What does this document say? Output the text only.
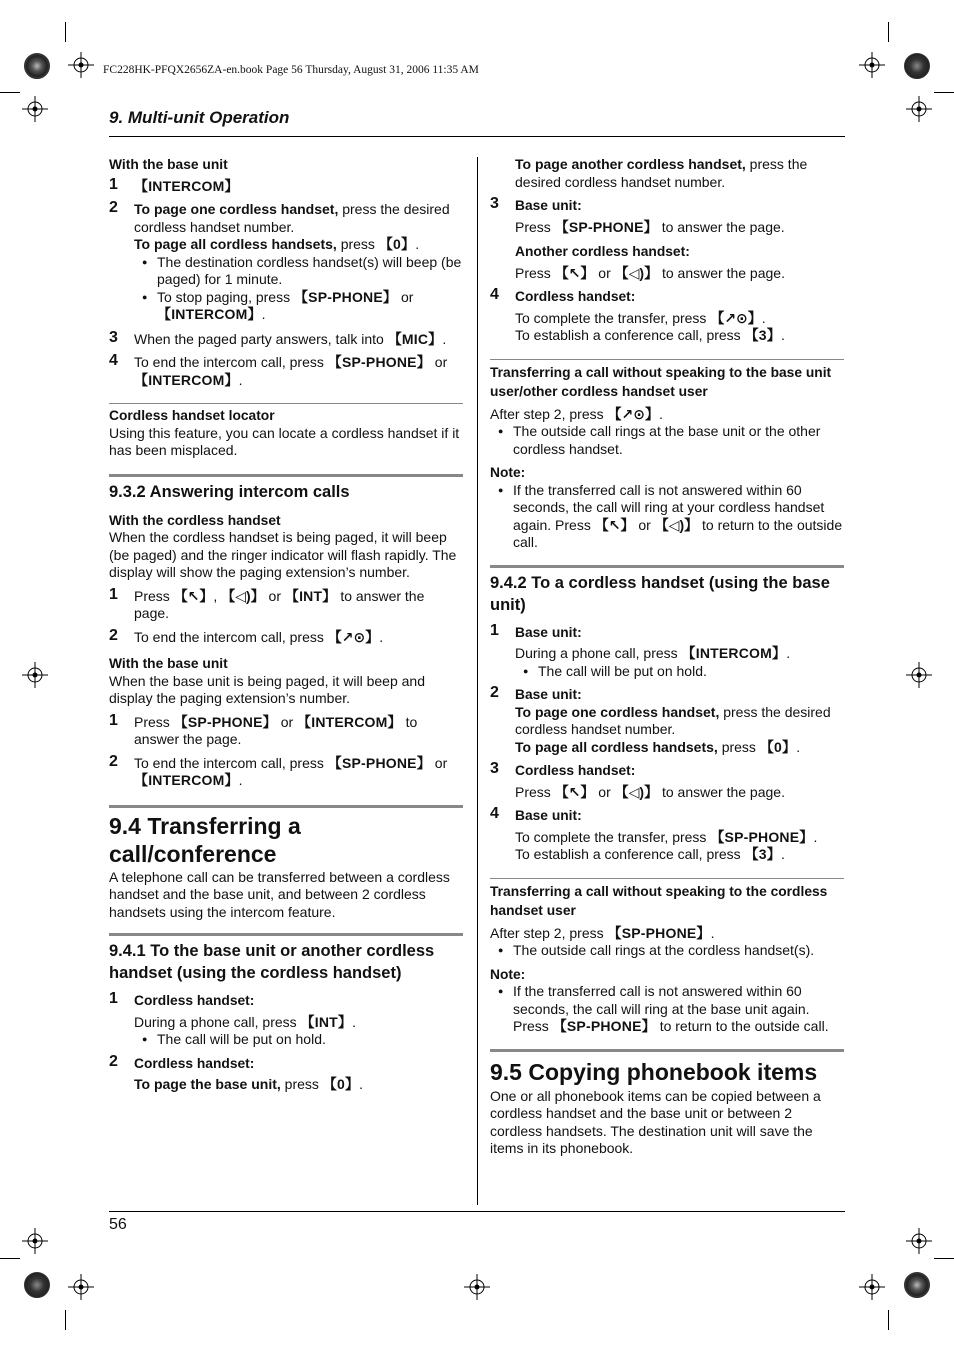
FC228HK-PFQX2656ZA-en.book Page 56 Thursday, August 31, 2006 11:35 AM
9. Multi-unit Operation

With the base unit

1 【INTERCOM】
2 To page one cordless handset, press the desired cordless handset number.

To page all cordless handsets, press 【0】.

● The destination cordless handset(s) will beep (be paged) for 1 minute.

● To stop paging, press 【SP-PHONE】 or 【INTERCOM】.

3 When the paged party answers, talk into 【MIC】.

4 To end the intercom call, press 【SP-PHONE】 or 【INTERCOM】.

Cordless handset locator

Using this feature, you can locate a cordless handset if it has been misplaced.

9.3.2 Answering intercom calls

With the cordless handset

When the cordless handset is being paged, it will beep (be paged) and the ringer indicator will flash rapidly. The display will show the paging extension’s number.

1 Press 【↖】, 【◁)】 or 【INT】 to answer the page.

2 To end the intercom call, press 【↗⊙】.

With the base unit

When the base unit is being paged, it will beep and display the paging extension’s number.

1 Press 【SP-PHONE】 or 【INTERCOM】 to answer the page.

2 To end the intercom call, press 【SP-PHONE】 or 【INTERCOM】.

9.4 Transferring a call/conference

A telephone call can be transferred between a cordless handset and the base unit, and between 2 cordless handsets using the intercom feature.

9.4.1 To the base unit or another cordless handset (using the cordless handset)

1 Cordless handset:

During a phone call, press 【INT】.

● The call will be put on hold.

2 Cordless handset:

To page the base unit, press 【0】.

To page another cordless handset, press the desired cordless handset number.

3 Base unit:

Press 【SP-PHONE】 to answer the page.

Another cordless handset:

Press 【↖】 or 【◁)】 to answer the page.

4 Cordless handset:

To complete the transfer, press 【↗⊙】.

To establish a conference call, press 【3】.

Transferring a call without speaking to the base unit user/other cordless handset user

After step 2, press 【↗⊙】.

● The outside call rings at the base unit or the other cordless handset.

Note:

● If the transferred call is not answered within 60 seconds, the call will ring at your cordless handset again. Press 【↖】 or 【◁)】 to return to the outside call.

9.4.2 To a cordless handset (using the base unit)

1 Base unit:

During a phone call, press 【INTERCOM】.

● The call will be put on hold.

2 Base unit:

To page one cordless handset, press the desired cordless handset number.

To page all cordless handsets, press 【0】.

3 Cordless handset:

Press 【↖】 or 【◁)】 to answer the page.

4 Base unit:

To complete the transfer, press 【SP-PHONE】.

To establish a conference call, press 【3】.

Transferring a call without speaking to the cordless handset user

After step 2, press 【SP-PHONE】.

● The outside call rings at the cordless handset(s).

Note:

● If the transferred call is not answered within 60 seconds, the call will ring at the base unit again. Press 【SP-PHONE】 to return to the outside call.

9.5 Copying phonebook items

One or all phonebook items can be copied between a cordless handset and the base unit or between 2 cordless handsets. The destination unit will save the items in its phonebook.

56
